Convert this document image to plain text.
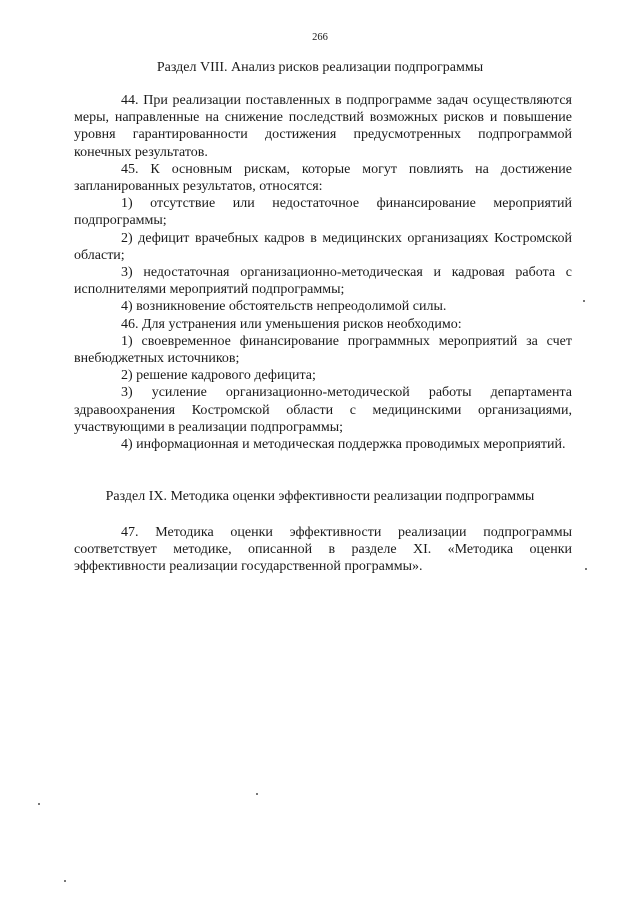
266
Раздел VIII. Анализ рисков реализации подпрограммы

44. При реализации поставленных в подпрограмме задач осуществляются меры, направленные на снижение последствий возможных рисков и повышение уровня гарантированности достижения предусмотренных подпрограммой конечных результатов.

45. К основным рискам, которые могут повлиять на достижение запланированных результатов, относятся:

1) отсутствие или недостаточное финансирование мероприятий подпрограммы;

2) дефицит врачебных кадров в медицинских организациях Костромской области;

3) недостаточная организационно-методическая и кадровая работа с исполнителями мероприятий подпрограммы;

4) возникновение обстоятельств непреодолимой силы.

46. Для устранения или уменьшения рисков необходимо:

1) своевременное финансирование программных мероприятий за счет внебюджетных источников;

2) решение кадрового дефицита;

3) усиление организационно-методической работы департамента здравоохранения Костромской области с медицинскими организациями, участвующими в реализации подпрограммы;

4) информационная и методическая поддержка проводимых мероприятий.

Раздел IX. Методика оценки эффективности реализации подпрограммы

47. Методика оценки эффективности реализации подпрограммы соответствует методике, описанной в разделе XI. «Методика оценки эффективности реализации государственной программы».
